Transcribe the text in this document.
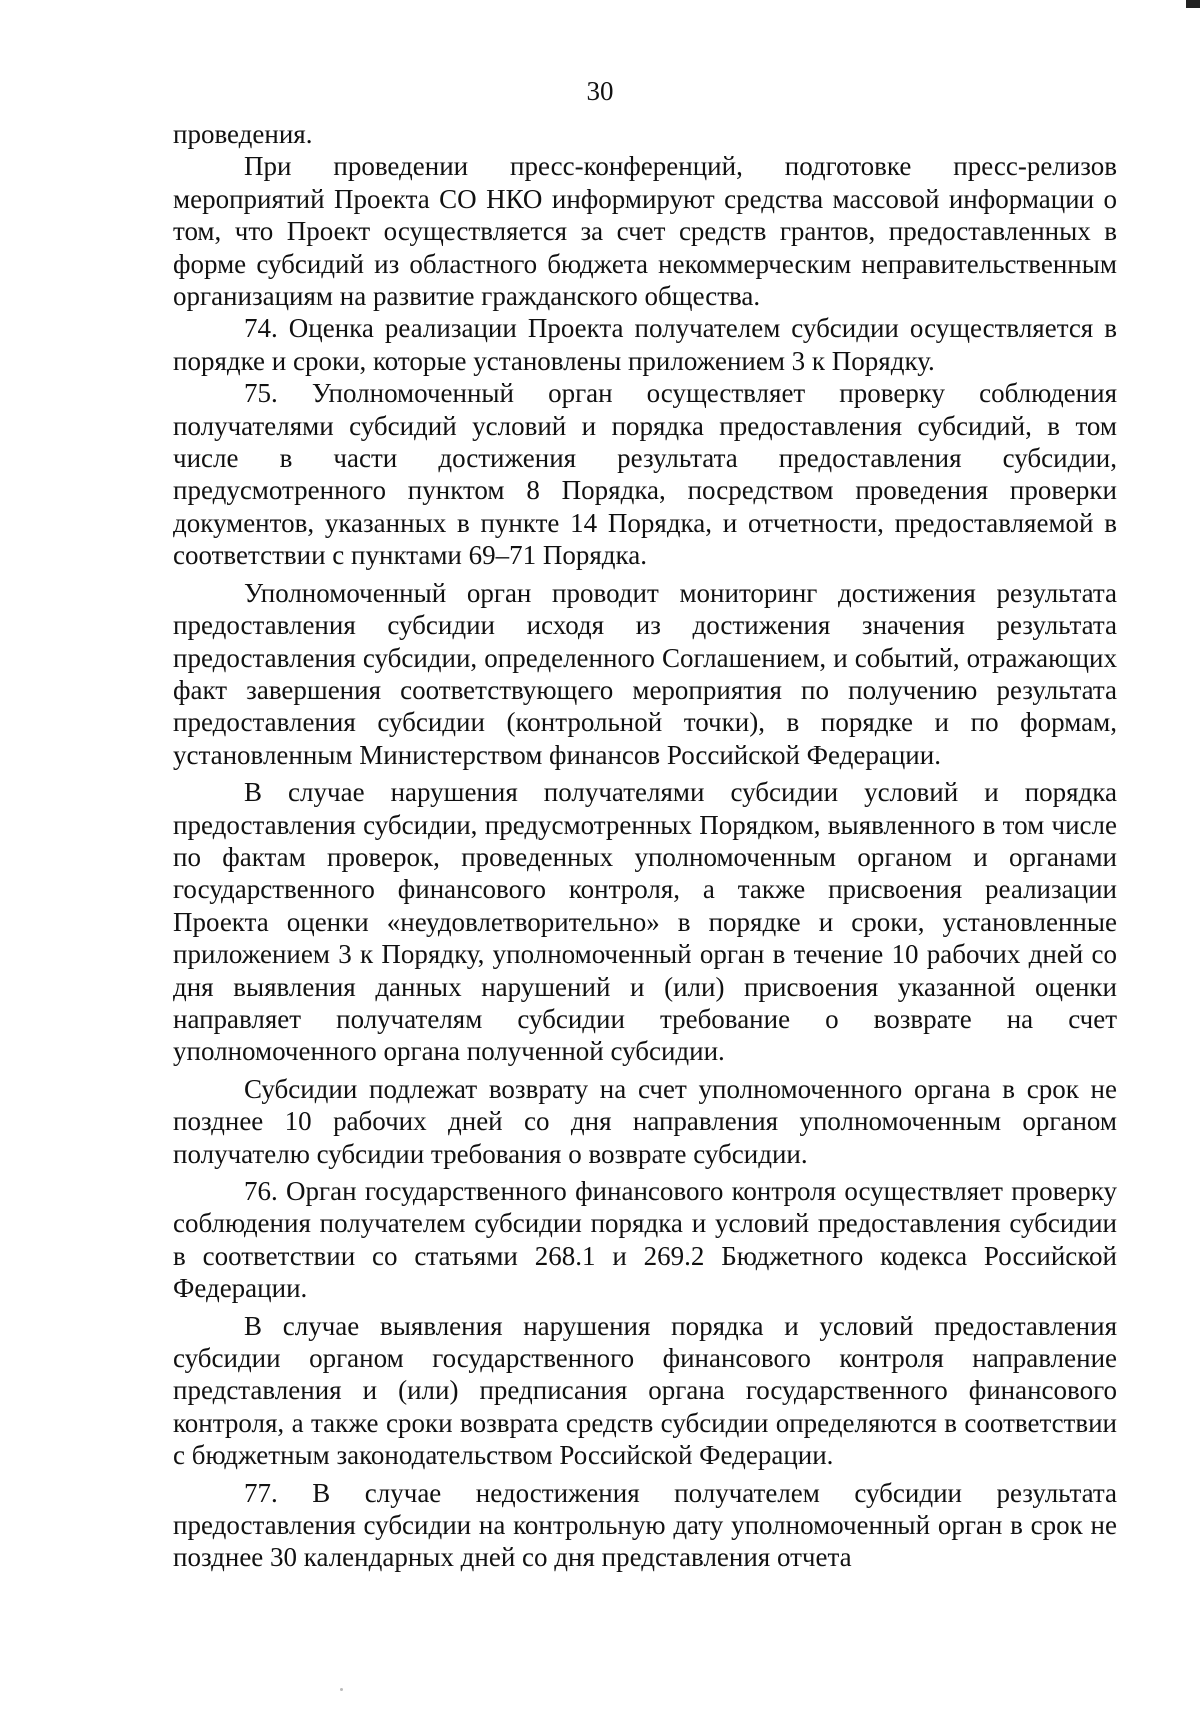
30

проведения.

При проведении пресс-конференций, подготовке пресс-релизов мероприятий Проекта СО НКО информируют средства массовой информации о том, что Проект осуществляется за счет средств грантов, предоставленных в форме субсидий из областного бюджета некоммерческим неправительственным организациям на развитие гражданского общества.

74. Оценка реализации Проекта получателем субсидии осуществляется в порядке и сроки, которые установлены приложением 3 к Порядку.

75. Уполномоченный орган осуществляет проверку соблюдения получателями субсидий условий и порядка предоставления субсидий, в том числе в части достижения результата предоставления субсидии, предусмотренного пунктом 8 Порядка, посредством проведения проверки документов, указанных в пункте 14 Порядка, и отчетности, предоставляемой в соответствии с пунктами 69–71 Порядка.

Уполномоченный орган проводит мониторинг достижения результата предоставления субсидии исходя из достижения значения результата предоставления субсидии, определенного Соглашением, и событий, отражающих факт завершения соответствующего мероприятия по получению результата предоставления субсидии (контрольной точки), в порядке и по формам, установленным Министерством финансов Российской Федерации.

В случае нарушения получателями субсидии условий и порядка предоставления субсидии, предусмотренных Порядком, выявленного в том числе по фактам проверок, проведенных уполномоченным органом и органами государственного финансового контроля, а также присвоения реализации Проекта оценки «неудовлетворительно» в порядке и сроки, установленные приложением 3 к Порядку, уполномоченный орган в течение 10 рабочих дней со дня выявления данных нарушений и (или) присвоения указанной оценки направляет получателям субсидии требование о возврате на счет уполномоченного органа полученной субсидии.

Субсидии подлежат возврату на счет уполномоченного органа в срок не позднее 10 рабочих дней со дня направления уполномоченным органом получателю субсидии требования о возврате субсидии.

76. Орган государственного финансового контроля осуществляет проверку соблюдения получателем субсидии порядка и условий предоставления субсидии в соответствии со статьями 268.1 и 269.2 Бюджетного кодекса Российской Федерации.

В случае выявления нарушения порядка и условий предоставления субсидии органом государственного финансового контроля направление представления и (или) предписания органа государственного финансового контроля, а также сроки возврата средств субсидии определяются в соответствии с бюджетным законодательством Российской Федерации.

77. В случае недостижения получателем субсидии результата предоставления субсидии на контрольную дату уполномоченный орган в срок не позднее 30 календарных дней со дня представления отчета
